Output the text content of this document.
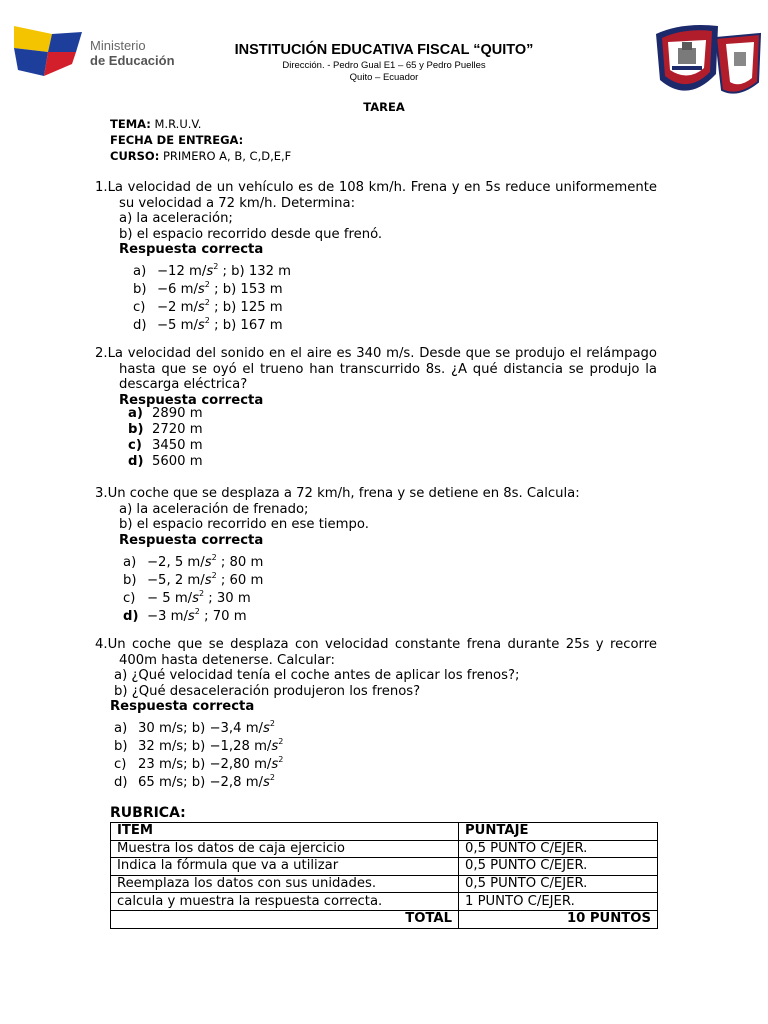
Ministerio
de Educación
INSTITUCIÓN EDUCATIVA FISCAL “QUITO”
Dirección. - Pedro Gual E1 – 65 y Pedro Puelles
Quito – Ecuador
TAREA
TEMA: M.R.U.V.
FECHA DE ENTREGA:
CURSO: PRIMERO A, B, C,D,E,F

1.La velocidad de un vehículo es de 108 km/h. Frena y en 5s reduce uniformemente su velocidad a 72 km/h. Determina:

a) la aceleración;

b) el espacio recorrido desde que frenó.

Respuesta correcta

a) −12 $m/s^2$ ; b) 132 m
b) −6 $m/s^2$ ; b) 153 m
c) −2 $m/s^2$ ; b) 125 m
d) −5 $m/s^2$ ; b) 167 m

2.La velocidad del sonido en el aire es 340 m/s. Desde que se produjo el relámpago hasta que se oyó el trueno han transcurrido 8s. ¿A qué distancia se produjo la descarga eléctrica?

Respuesta correcta

a) 2890 m
b) 2720 m
c) 3450 m
d) 5600 m

3.Un coche que se desplaza a 72 km/h, frena y se detiene en 8s. Calcula:

a) la aceleración de frenado;

b) el espacio recorrido en ese tiempo.

Respuesta correcta

a) −2, 5 $m/s^2$ ; 80 m
b) −5, 2 $m/s^2$ ; 60 m
c) − 5 $m/s^2$ ; 30 m
d) −3 $m/s^2$ ; 70 m

4.Un coche que se desplaza con velocidad constante frena durante 25s y recorre 400m hasta detenerse. Calcular:

a) ¿Qué velocidad tenía el coche antes de aplicar los frenos?;

b) ¿Qué desaceleración produjeron los frenos?

Respuesta correcta

a) 30 m/s; b) −3,4 $m/s^2$
b) 32 m/s; b) −1,28 $m/s^2$
c) 23 m/s; b) −2,80 $m/s^2$
d) 65 m/s; b) −2,8 $m/s^2$
RUBRICA:
ITEM	PUNTAJE
Muestra los datos de caja ejercicio	0,5 PUNTO C/EJER.
Indica la fórmula que va a utilizar	0,5 PUNTO C/EJER.
Reemplaza los datos con sus unidades.	0,5 PUNTO C/EJER.
calcula y muestra la respuesta correcta.	1 PUNTO C/EJER.
TOTAL	10 PUNTOS
